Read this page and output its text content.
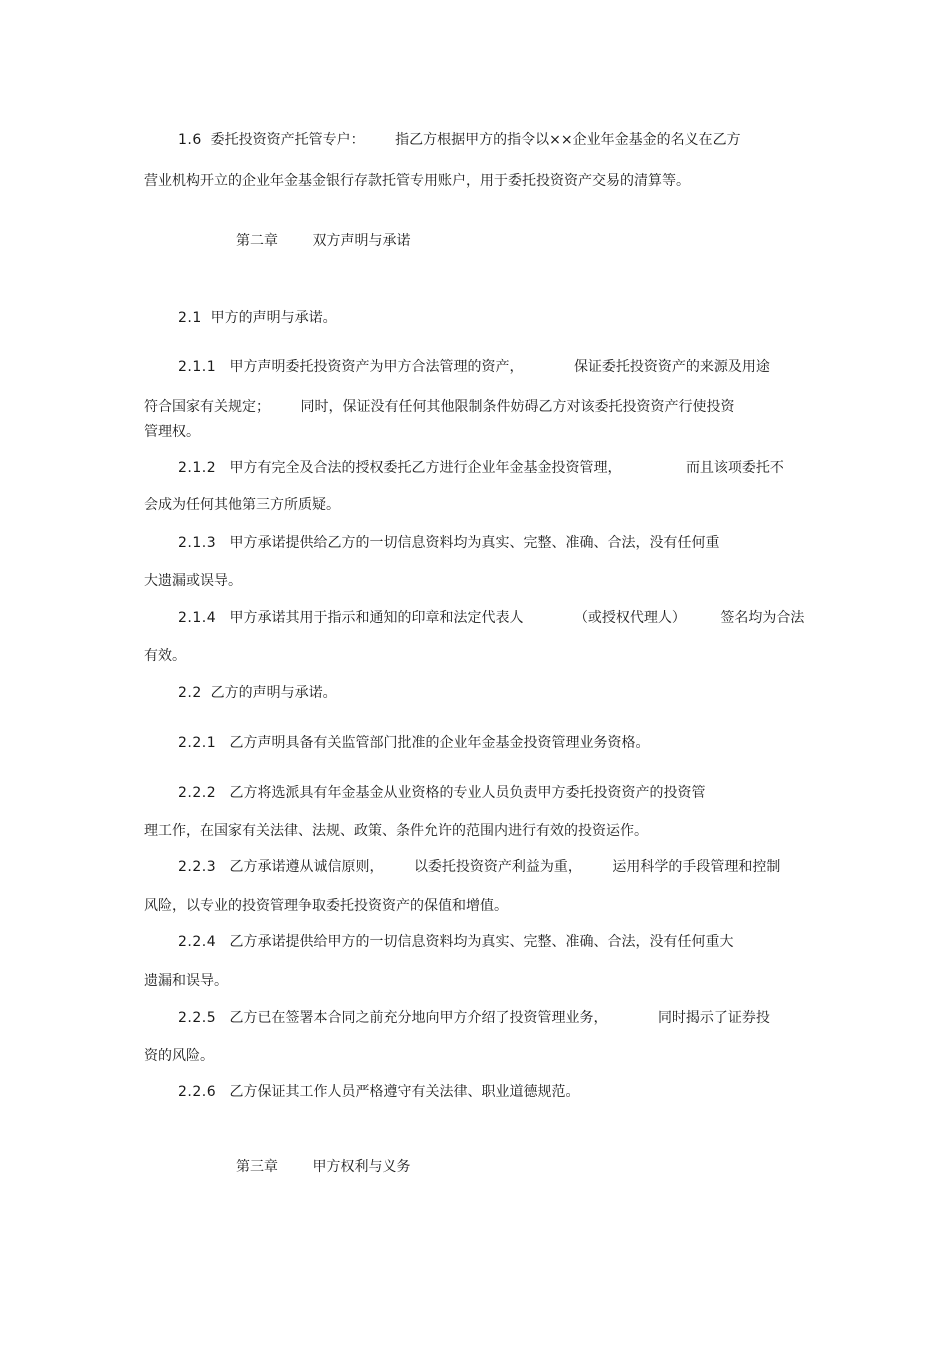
1.6 委托投资资产托管专户： 指乙方根据甲方的指令以××企业年金基金的名义在乙方
营业机构开立的企业年金基金银行存款托管专用账户，用于委托投资资产交易的清算等。
第二章 双方声明与承诺
2.1 甲方的声明与承诺。
2.1.1 甲方声明委托投资资产为甲方合法管理的资产，	保证委托投资资产的来源及用途
符合国家有关规定； 同时，保证没有任何其他限制条件妨碍乙方对该委托投资资产行使投资
管理权。
2.1.2 甲方有完全及合法的授权委托乙方进行企业年金基金投资管理，	而且该项委托不
会成为任何其他第三方所质疑。
2.1.3 甲方承诺提供给乙方的一切信息资料均为真实、完整、准确、合法，没有任何重
大遗漏或误导。
2.1.4 甲方承诺其用于指示和通知的印章和法定代表人	（或授权代理人） 签名均为合法
有效。
2.2 乙方的声明与承诺。
2.2.1 乙方声明具备有关监管部门批准的企业年金基金投资管理业务资格。
2.2.2 乙方将选派具有年金基金从业资格的专业人员负责甲方委托投资资产的投资管
理工作，在国家有关法律、法规、政策、条件允许的范围内进行有效的投资运作。
2.2.3 乙方承诺遵从诚信原则， 以委托投资资产利益为重， 运用科学的手段管理和控制
风险，以专业的投资管理争取委托投资资产的保值和增值。
2.2.4 乙方承诺提供给甲方的一切信息资料均为真实、完整、准确、合法，没有任何重大
遗漏和误导。
2.2.5 乙方已在签署本合同之前充分地向甲方介绍了投资管理业务，	同时揭示了证券投
资的风险。
2.2.6 乙方保证其工作人员严格遵守有关法律、职业道德规范。
第三章 甲方权利与义务
